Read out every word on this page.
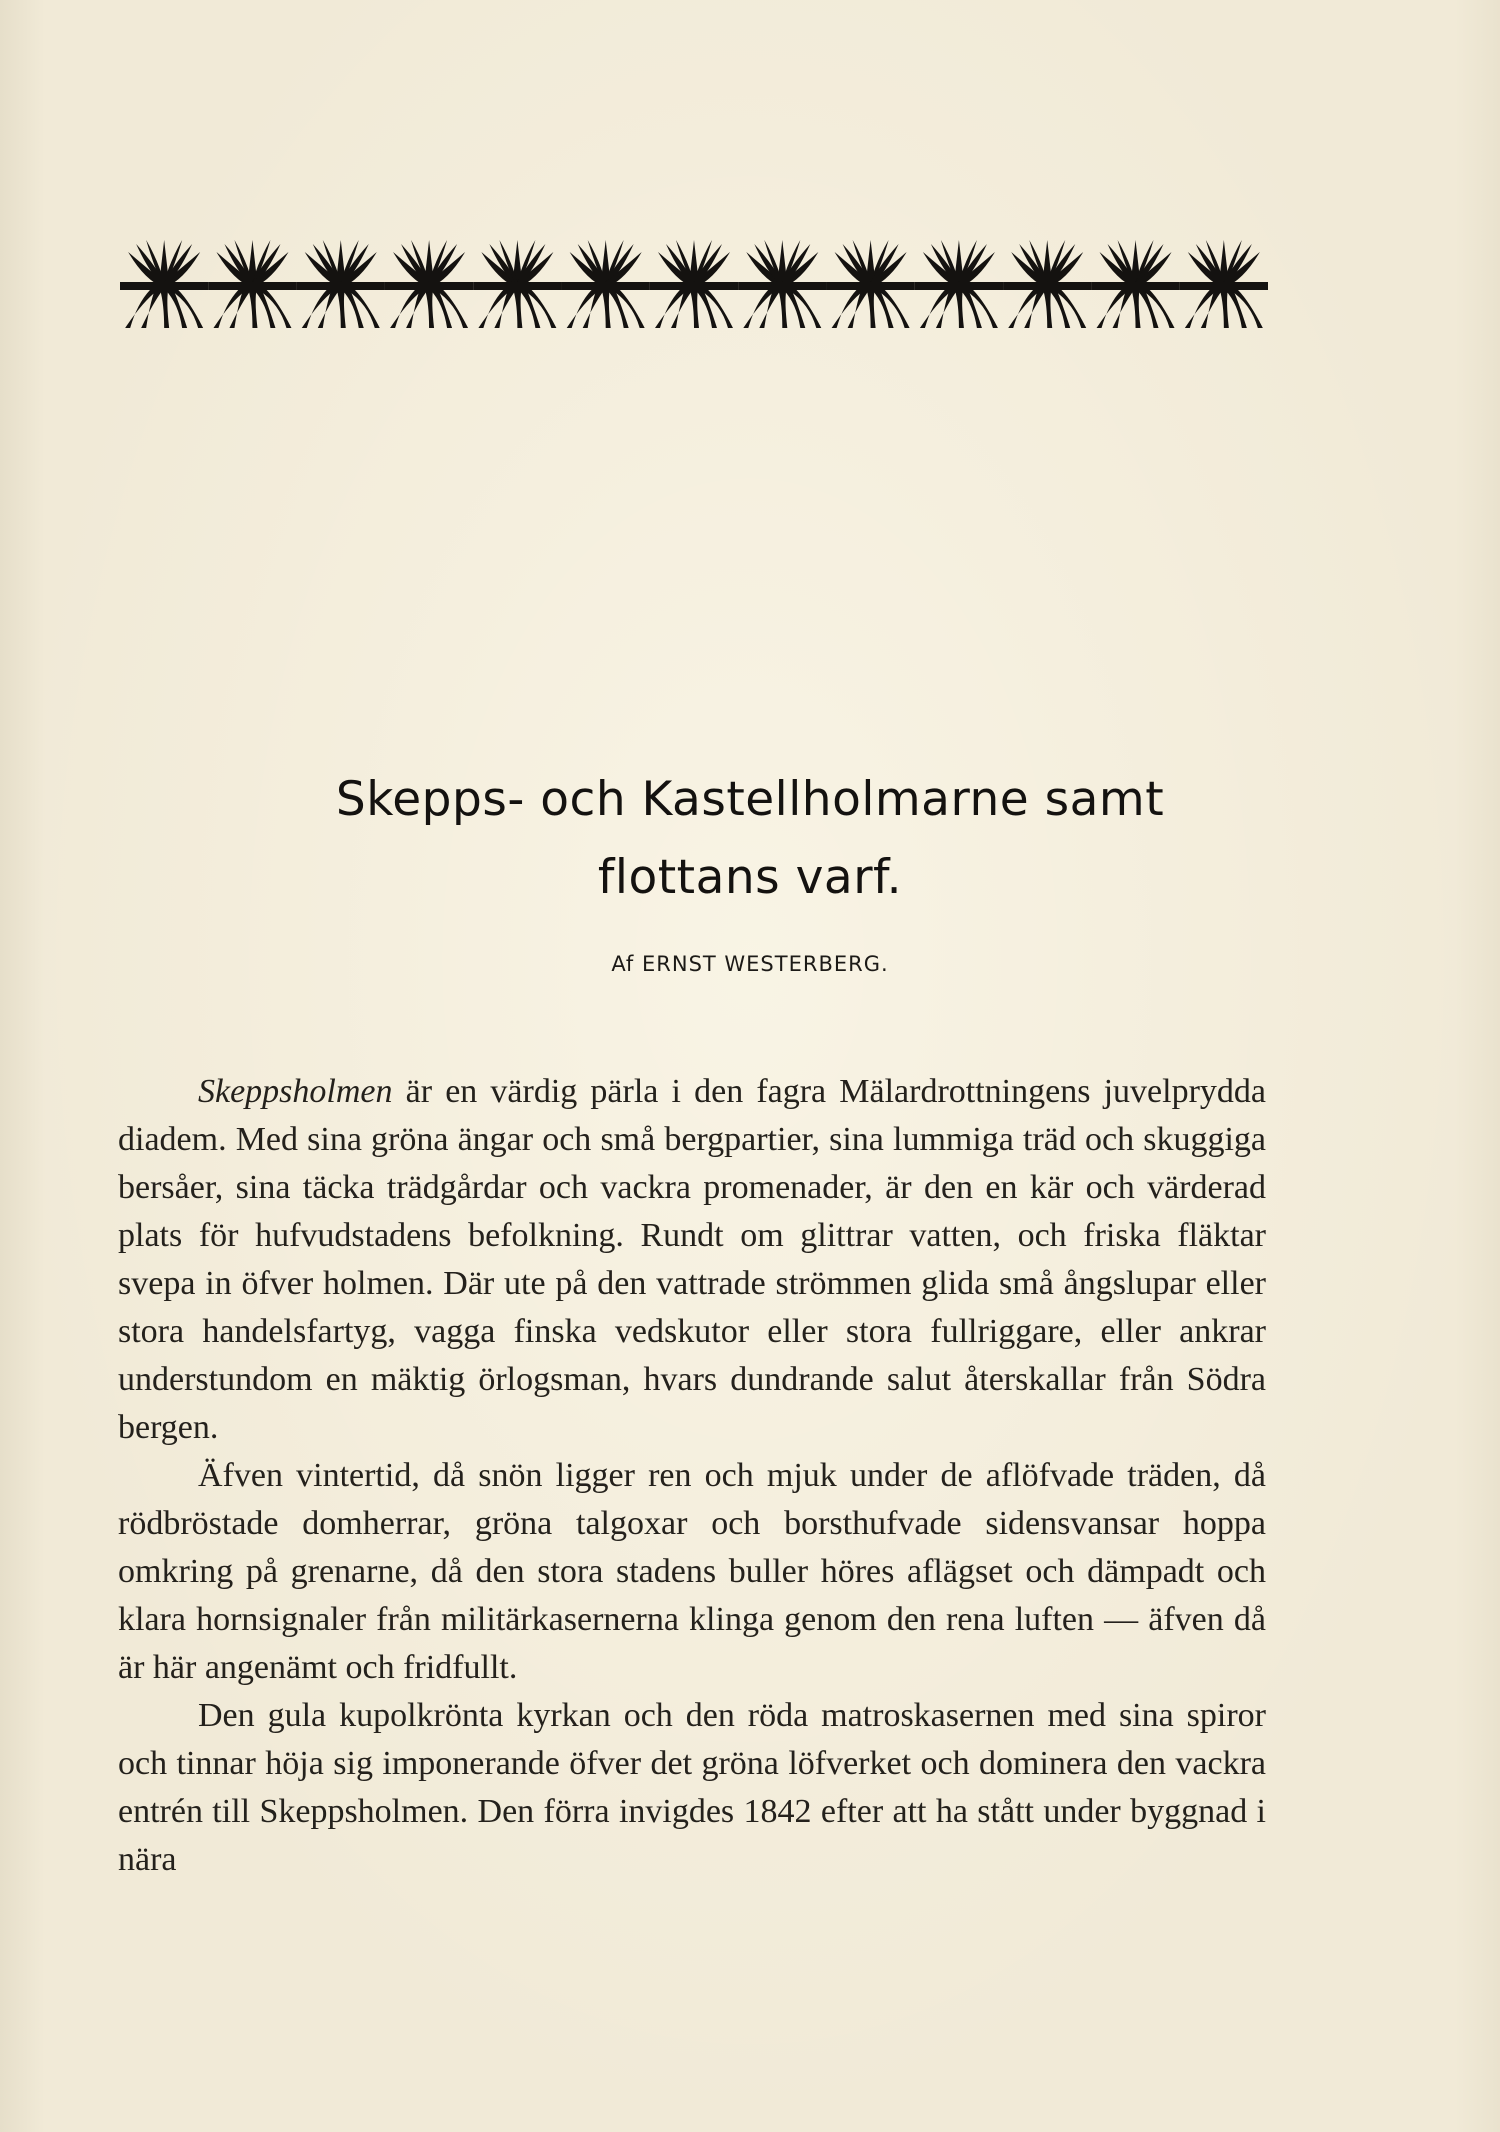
Skepps- och Kastellholmarne samt
flottans varf.
Af ERNST WESTERBERG.

Skeppsholmen är en värdig pärla i den fagra Mälardrottningens juvelprydda diadem. Med sina gröna ängar och små bergpartier, sina lummiga träd och skuggiga bersåer, sina täcka trädgårdar och vackra promenader, är den en kär och värderad plats för hufvudstadens befolkning. Rundt om glittrar vatten, och friska fläktar svepa in öfver holmen. Där ute på den vattrade strömmen glida små ångslupar eller stora handelsfartyg, vagga finska vedskutor eller stora fullriggare, eller ankrar understundom en mäktig örlogsman, hvars dundrande salut återskallar från Södra bergen.

Äfven vintertid, då snön ligger ren och mjuk under de aflöfvade träden, då rödbröstade domherrar, gröna talgoxar och borsthufvade sidensvansar hoppa omkring på grenarne, då den stora stadens buller höres aflägset och dämpadt och klara hornsignaler från militärkasernerna klinga genom den rena luften — äfven då är här angenämt och fridfullt.

Den gula kupolkrönta kyrkan och den röda matroskasernen med sina spiror och tinnar höja sig imponerande öfver det gröna löfverket och dominera den vackra entrén till Skeppsholmen. Den förra invigdes 1842 efter att ha stått under byggnad i nära
